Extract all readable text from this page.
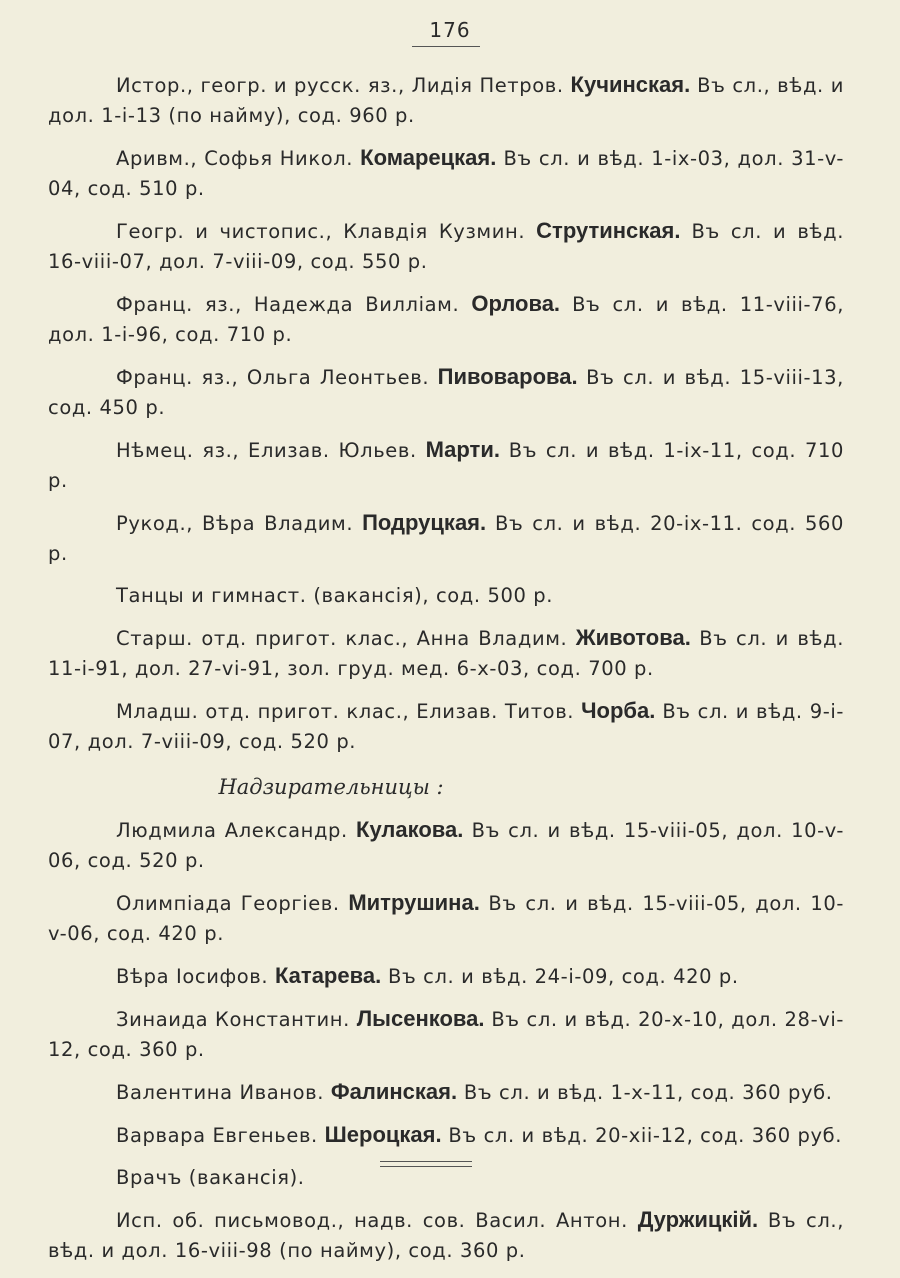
176

Истор., геогр. и русск. яз., Лидія Петров. Кучинская. Въ сл., вѣд. и дол. 1-i-13 (по найму), сод. 960 р.

Аривм., Софья Никол. Комарецкая. Въ сл. и вѣд. 1-ix-03, дол. 31-v-04, сод. 510 р.

Геогр. и чистопис., Клавдія Кузмин. Струтинская. Въ сл. и вѣд. 16-viii-07, дол. 7-viii-09, сод. 550 р.

Франц. яз., Надежда Вилліам. Орлова. Въ сл. и вѣд. 11-viii-76, дол. 1-i-96, сод. 710 р.

Франц. яз., Ольга Леонтьев. Пивоварова. Въ сл. и вѣд. 15-viii-13, сод. 450 р.

Нѣмец. яз., Елизав. Юльев. Марти. Въ сл. и вѣд. 1-ix-11, сод. 710 р.

Рукод., Вѣра Владим. Подруцкая. Въ сл. и вѣд. 20-ix-11. сод. 560 р.

Танцы и гимнаст. (вакансія), сод. 500 р.

Старш. отд. пригот. клас., Анна Владим. Животова. Въ сл. и вѣд. 11-i-91, дол. 27-vi-91, зол. груд. мед. 6-x-03, сод. 700 р.

Младш. отд. пригот. клас., Елизав. Титов. Чорба. Въ сл. и вѣд. 9-i-07, дол. 7-viii-09, сод. 520 р.

Надзирательницы :

Людмила Александр. Кулакова. Въ сл. и вѣд. 15-viii-05, дол. 10-v-06, сод. 520 р.

Олимпіада Георгіев. Митрушина. Въ сл. и вѣд. 15-viii-05, дол. 10-v-06, сод. 420 р.

Вѣра Іосифов. Катарева. Въ сл. и вѣд. 24-i-09, сод. 420 р.

Зинаида Константин. Лысенкова. Въ сл. и вѣд. 20-x-10, дол. 28-vi-12, сод. 360 р.

Валентина Иванов. Фалинская. Въ сл. и вѣд. 1-x-11, сод. 360 руб.

Варвара Евгеньев. Шероцкая. Въ сл. и вѣд. 20-xii-12, сод. 360 руб.

Врачъ (вакансія).

Исп. об. письмовод., надв. сов. Васил. Антон. Дуржицкій. Въ сл., вѣд. и дол. 16-viii-98 (по найму), сод. 360 р.
